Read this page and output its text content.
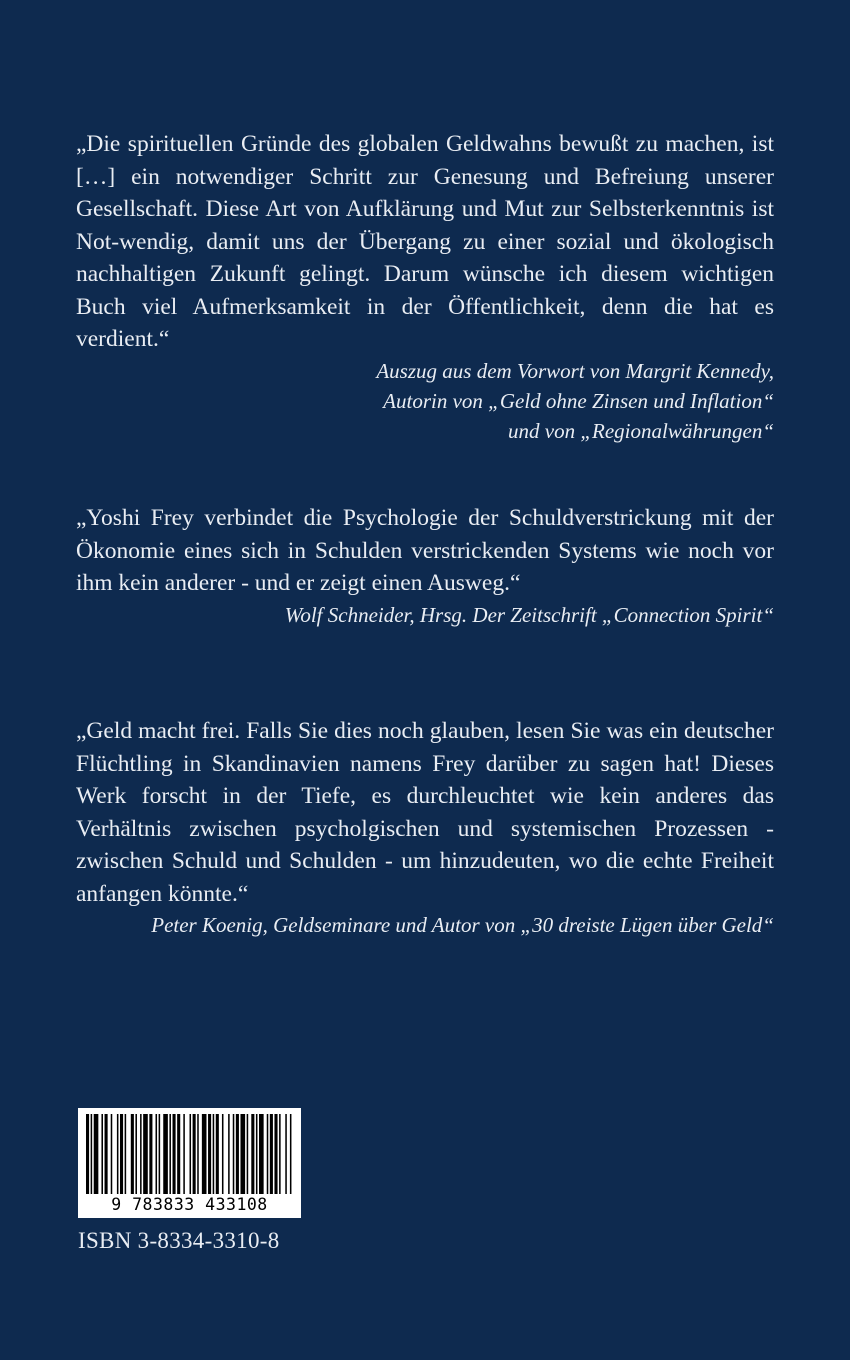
„Die spirituellen Gründe des globalen Geldwahns bewußt zu machen, ist […] ein notwendiger Schritt zur Genesung und Befreiung unserer Gesellschaft. Diese Art von Aufklärung und Mut zur Selbsterkenntnis ist Not-wendig, damit uns der Übergang zu einer sozial und ökologisch nachhaltigen Zukunft gelingt. Darum wünsche ich diesem wichtigen Buch viel Aufmerksamkeit in der Öffentlichkeit, denn die hat es verdient.“

Auszug aus dem Vorwort von Margrit Kennedy,

Autorin von „Geld ohne Zinsen und Inflation“

und von „Regionalwährungen“

„Yoshi Frey verbindet die Psychologie der Schuldverstrickung mit der Ökonomie eines sich in Schulden verstrickenden Systems wie noch vor ihm kein anderer - und er zeigt einen Ausweg.“

Wolf Schneider, Hrsg. Der Zeitschrift „Connection Spirit“

„Geld macht frei. Falls Sie dies noch glauben, lesen Sie was ein deutscher Flüchtling in Skandinavien namens Frey darüber zu sagen hat! Dieses Werk forscht in der Tiefe, es durchleuchtet wie kein anderes das Verhältnis zwischen psycholgischen und systemischen Prozessen - zwischen Schuld und Schulden - um hinzudeuten, wo die echte Freiheit anfangen könnte.“

Peter Koenig, Geldseminare und Autor von „30 dreiste Lügen über Geld“

9 783833 433108
ISBN 3-8334-3310-8
